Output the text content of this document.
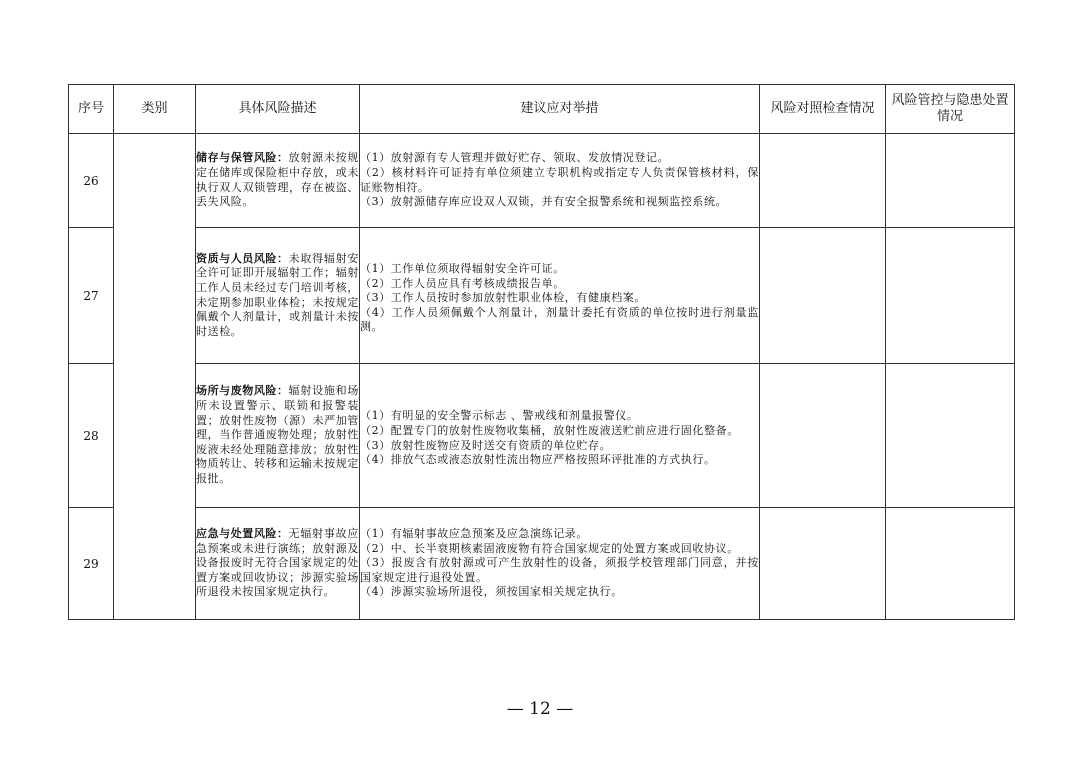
序号	类别	具体风险描述	建议应对举措	风险对照检查情况	风险管控与隐患处置情况
26		储存与保管风险：放射源未按规定在储库或保险柜中存放，或未执行双人双锁管理，存在被盗、丢失风险。	（1）放射源有专人管理并做好贮存、领取、发放情况登记。
（2）核材料许可证持有单位须建立专职机构或指定专人负责保管核材料，保证账物相符。
（3）放射源储存库应设双人双锁，并有安全报警系统和视频监控系统。		

27		资质与人员风险：未取得辐射安全许可证即开展辐射工作；辐射工作人员未经过专门培训考核，未定期参加职业体检；未按规定佩戴个人剂量计，或剂量计未按时送检。	（1）工作单位须取得辐射安全许可证。
（2）工作人员应具有考核成绩报告单。
（3）工作人员按时参加放射性职业体检，有健康档案。
（4）工作人员须佩戴个人剂量计，剂量计委托有资质的单位按时进行剂量监测。		

28		场所与废物风险：辐射设施和场所未设置警示、联锁和报警装置；放射性废物（源）未严加管理，当作普通废物处理；放射性废液未经处理随意排放；放射性物质转让、转移和运输未按规定报批。	（1）有明显的安全警示标志 、警戒线和剂量报警仪。
（2）配置专门的放射性废物收集桶，放射性废液送贮前应进行固化整备。
（3）放射性废物应及时送交有资质的单位贮存。
（4）排放气态或液态放射性流出物应严格按照环评批准的方式执行。		

29		应急与处置风险：无辐射事故应急预案或未进行演练；放射源及设备报废时无符合国家规定的处置方案或回收协议；涉源实验场所退役未按国家规定执行。	（1）有辐射事故应急预案及应急演练记录。
（2）中、长半衰期核素固液废物有符合国家规定的处置方案或回收协议。
（3）报废含有放射源或可产生放射性的设备，须报学校管理部门同意，并按国家规定进行退役处置。
（4）涉源实验场所退役，须按国家相关规定执行。		

— 12 —
